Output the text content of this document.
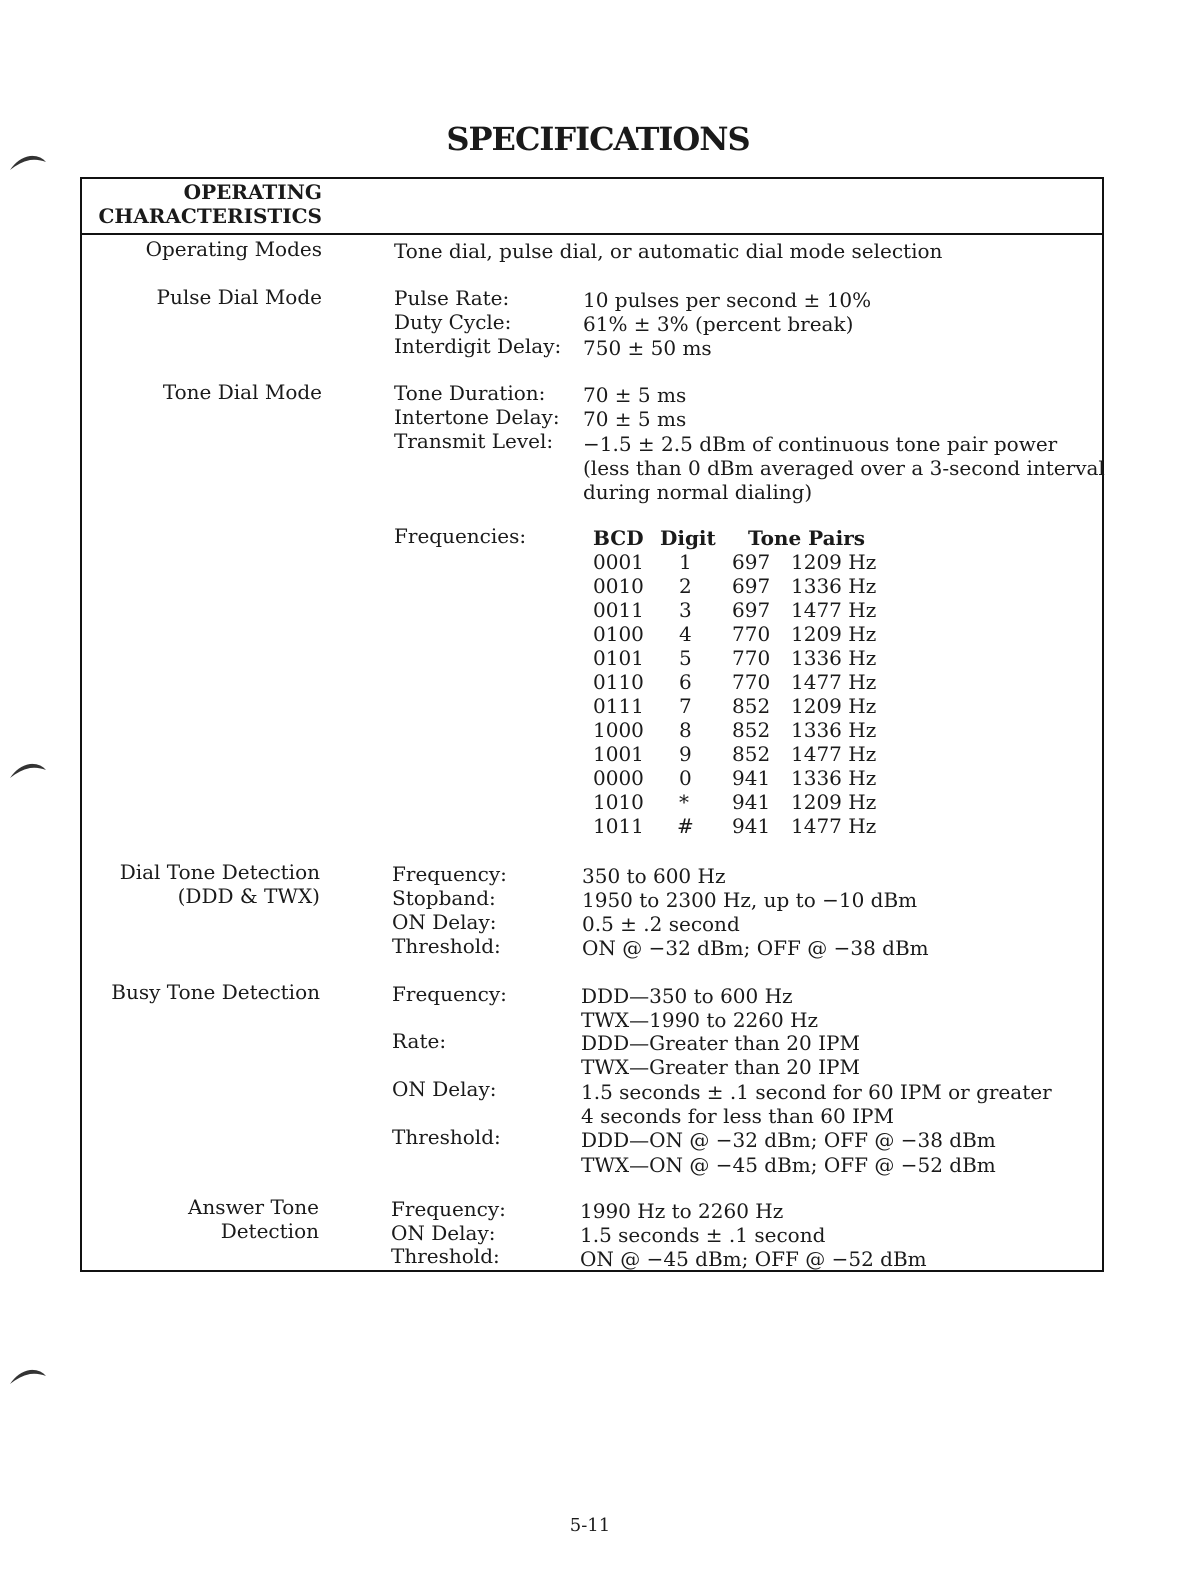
SPECIFICATIONS
OPERATING
CHARACTERISTICS
Operating Modes	Tone dial, pulse dial, or automatic dial mode selection
Pulse Dial Mode	Pulse Rate:	10 pulses per second ± 10%
Duty Cycle:	61% ± 3% (percent break)
Interdigit Delay: 750 ± 50 ms
Tone Dial Mode	Tone Duration: 70 ± 5 ms
Intertone Delay: 70 ± 5 ms
Transmit Level: −1.5 ± 2.5 dBm of continuous tone pair power
(less than 0 dBm averaged over a 3-second interval
during normal dialing)
Frequencies:	BCD Digit Tone Pairs
0001 1 697 1209 Hz
0010 2 697 1336 Hz
0011 3 697 1477 Hz
0100 4 770 1209 Hz
0101 5 770 1336 Hz
0110 6 770 1477 Hz
0111 7 852 1209 Hz
1000 8 852 1336 Hz
1001 9 852 1477 Hz
0000 0 941 1336 Hz
1010 * 941 1209 Hz
1011 # 941 1477 Hz
Dial Tone Detection
(DDD & TWX)
Frequency:	350 to 600 Hz
Stopband:	1950 to 2300 Hz, up to −10 dBm
ON Delay:	0.5 ± .2 second
Threshold:	ON @ −32 dBm; OFF @ −38 dBm
Busy Tone Detection	Frequency:	DDD—350 to 600 Hz
TWX—1990 to 2260 Hz
Rate:	DDD—Greater than 20 IPM
TWX—Greater than 20 IPM
ON Delay:	1.5 seconds ± .1 second for 60 IPM or greater
4 seconds for less than 60 IPM
Threshold:	DDD—ON @ −32 dBm; OFF @ −38 dBm
TWX—ON @ −45 dBm; OFF @ −52 dBm
Answer Tone
Detection
Frequency:	1990 Hz to 2260 Hz
ON Delay:	1.5 seconds ± .1 second
Threshold:	ON @ −45 dBm; OFF @ −52 dBm
5-11
